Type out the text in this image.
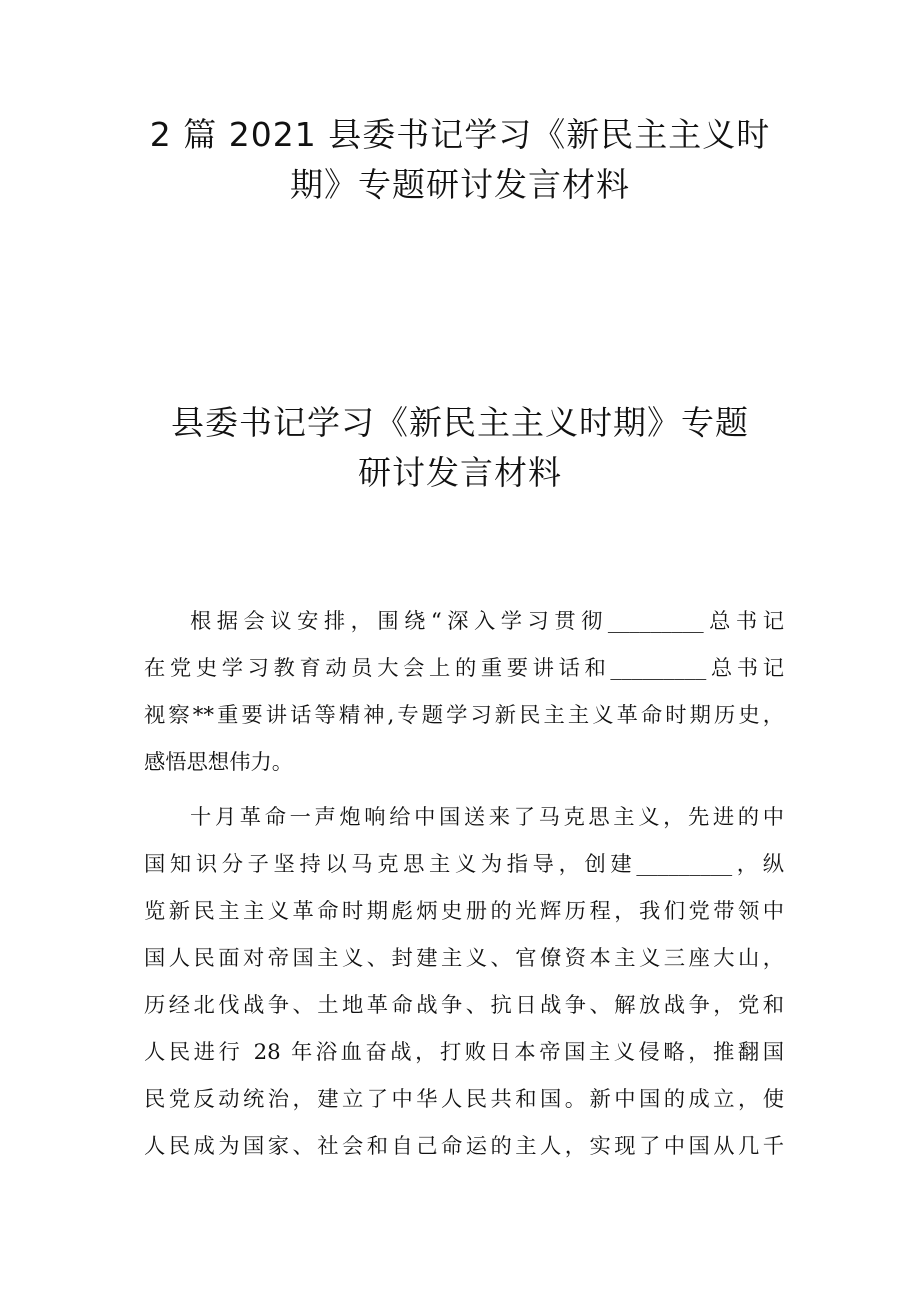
2 篇 2021 县委书记学习《新民主主义时
期》专题研讨发言材料
县委书记学习《新民主主义时期》专题
研讨发言材料

根据会议安排，围绕“深入学习贯彻_________总书记
在党史学习教育动员大会上的重要讲话和_________总书记
视察**重要讲话等精神,专题学习新民主主义革命时期历史，
感悟思想伟力。

十月革命一声炮响给中国送来了马克思主义，先进的中
国知识分子坚持以马克思主义为指导，创建_________，纵
览新民主主义革命时期彪炳史册的光辉历程，我们党带领中
国人民面对帝国主义、封建主义、官僚资本主义三座大山，
历经北伐战争、土地革命战争、抗日战争、解放战争，党和
人民进行 28 年浴血奋战，打败日本帝国主义侵略，推翻国
民党反动统治，建立了中华人民共和国。新中国的成立，使
人民成为国家、社会和自己命运的主人，实现了中国从几千
